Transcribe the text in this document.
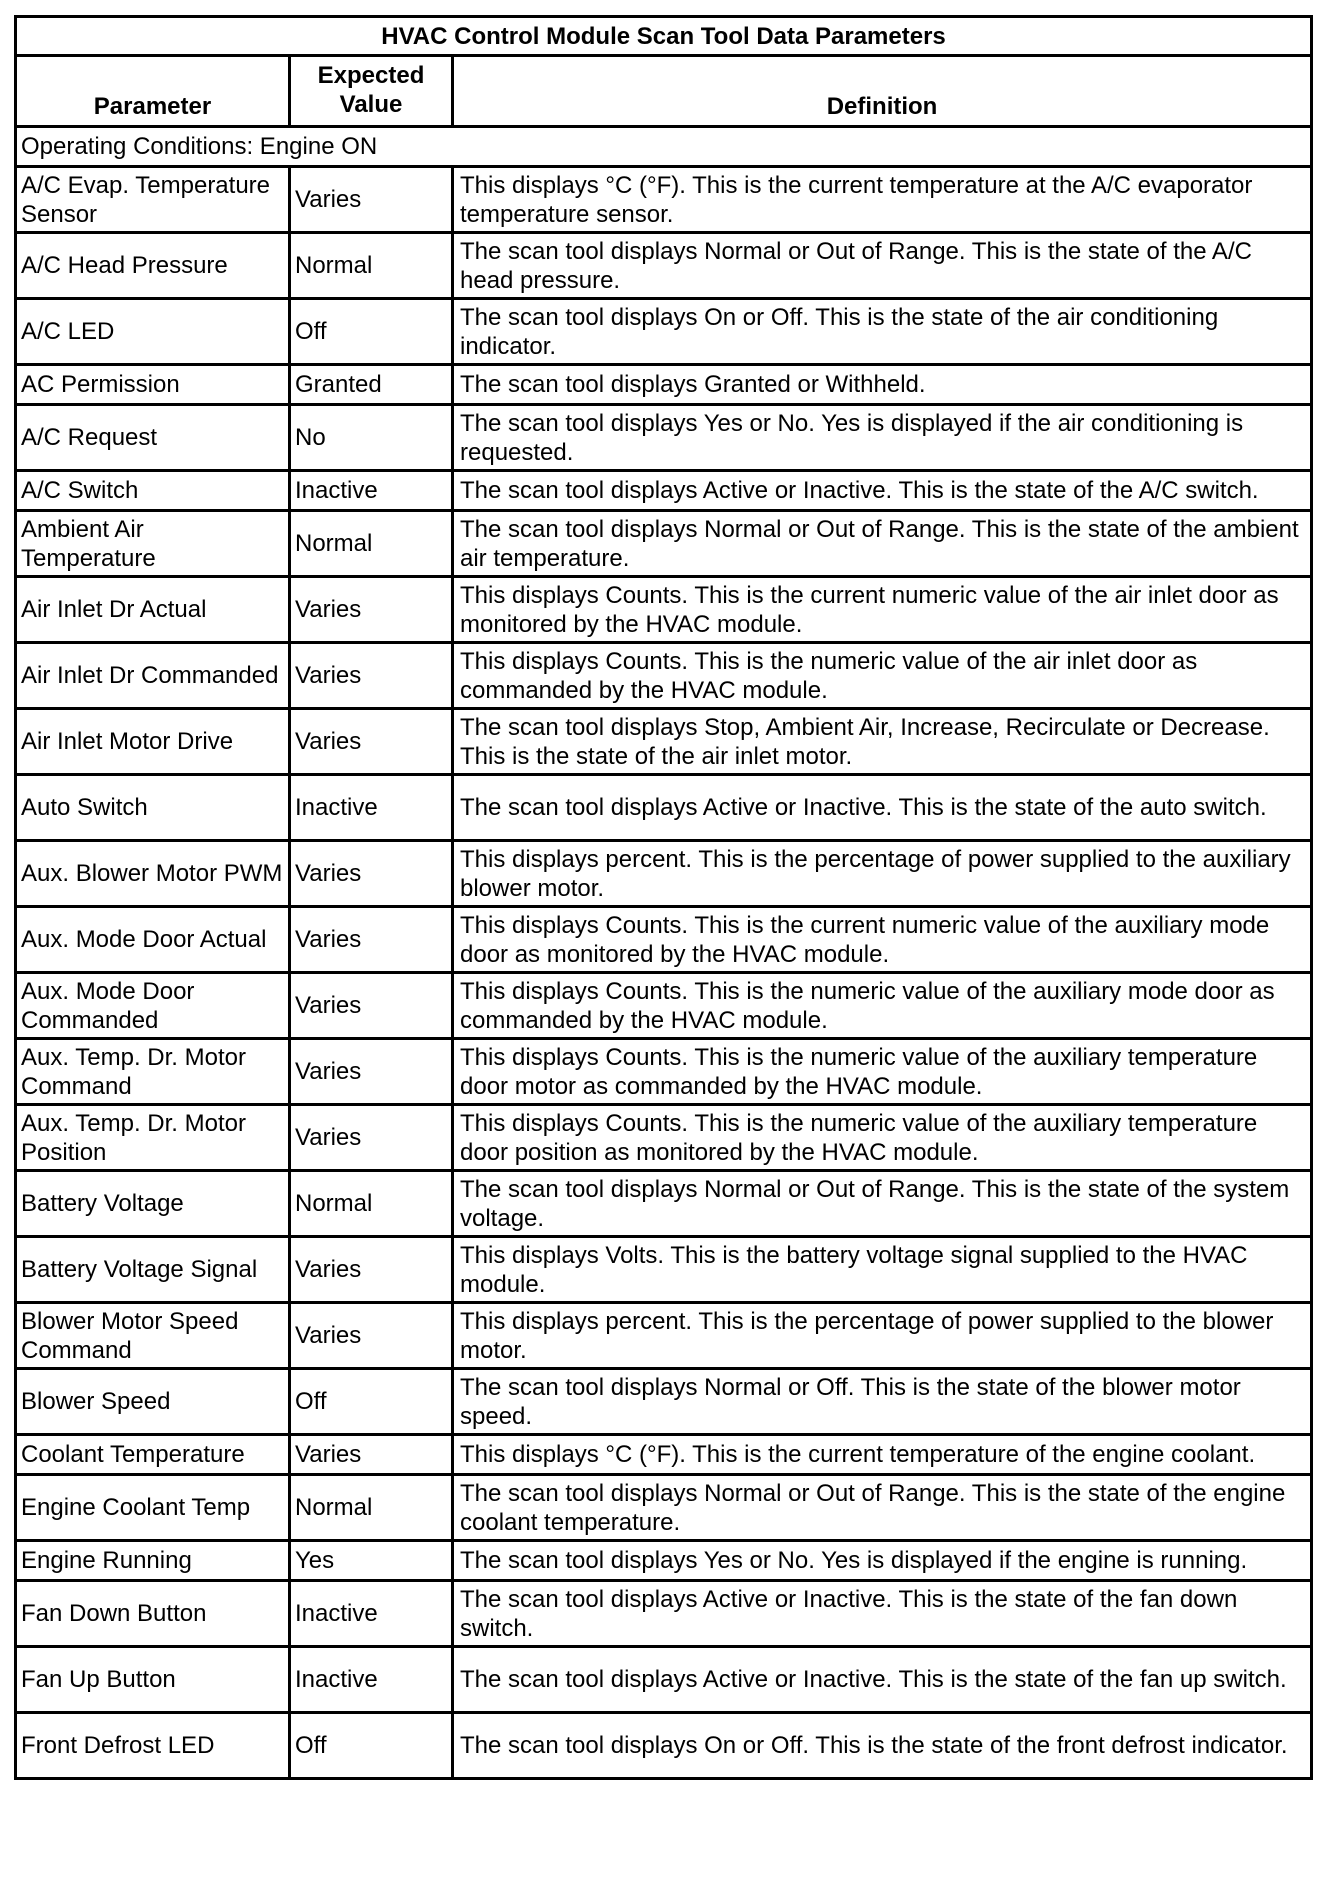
HVAC Control Module Scan Tool Data Parameters		
Parameter	Expected Value	Definition
Operating Conditions: Engine ON		
A/C Evap. Temperature Sensor	Varies	This displays °C (°F). This is the current temperature at the A/C evaporator temperature sensor.
A/C Head Pressure	Normal	The scan tool displays Normal or Out of Range. This is the state of the A/C head pressure.
A/C LED	Off	The scan tool displays On or Off. This is the state of the air conditioning indicator.
AC Permission	Granted	The scan tool displays Granted or Withheld.
A/C Request	No	The scan tool displays Yes or No. Yes is displayed if the air conditioning is requested.
A/C Switch	Inactive	The scan tool displays Active or Inactive. This is the state of the A/C switch.
Ambient Air Temperature	Normal	The scan tool displays Normal or Out of Range. This is the state of the ambient air temperature.
Air Inlet Dr Actual	Varies	This displays Counts. This is the current numeric value of the air inlet door as monitored by the HVAC module.
Air Inlet Dr Commanded	Varies	This displays Counts. This is the numeric value of the air inlet door as commanded by the HVAC module.
Air Inlet Motor Drive	Varies	The scan tool displays Stop, Ambient Air, Increase, Recirculate or Decrease. This is the state of the air inlet motor.
Auto Switch	Inactive	The scan tool displays Active or Inactive. This is the state of the auto switch.
Aux. Blower Motor PWM	Varies	This displays percent. This is the percentage of power supplied to the auxiliary blower motor.
Aux. Mode Door Actual	Varies	This displays Counts. This is the current numeric value of the auxiliary mode door as monitored by the HVAC module.
Aux. Mode Door Commanded	Varies	This displays Counts. This is the numeric value of the auxiliary mode door as commanded by the HVAC module.
Aux. Temp. Dr. Motor Command	Varies	This displays Counts. This is the numeric value of the auxiliary temperature door motor as commanded by the HVAC module.
Aux. Temp. Dr. Motor Position	Varies	This displays Counts. This is the numeric value of the auxiliary temperature door position as monitored by the HVAC module.
Battery Voltage	Normal	The scan tool displays Normal or Out of Range. This is the state of the system voltage.
Battery Voltage Signal	Varies	This displays Volts. This is the battery voltage signal supplied to the HVAC module.
Blower Motor Speed Command	Varies	This displays percent. This is the percentage of power supplied to the blower motor.
Blower Speed	Off	The scan tool displays Normal or Off. This is the state of the blower motor speed.
Coolant Temperature	Varies	This displays °C (°F). This is the current temperature of the engine coolant.
Engine Coolant Temp	Normal	The scan tool displays Normal or Out of Range. This is the state of the engine coolant temperature.
Engine Running	Yes	The scan tool displays Yes or No. Yes is displayed if the engine is running.
Fan Down Button	Inactive	The scan tool displays Active or Inactive. This is the state of the fan down switch.
Fan Up Button	Inactive	The scan tool displays Active or Inactive. This is the state of the fan up switch.
Front Defrost LED	Off	The scan tool displays On or Off. This is the state of the front defrost indicator.
